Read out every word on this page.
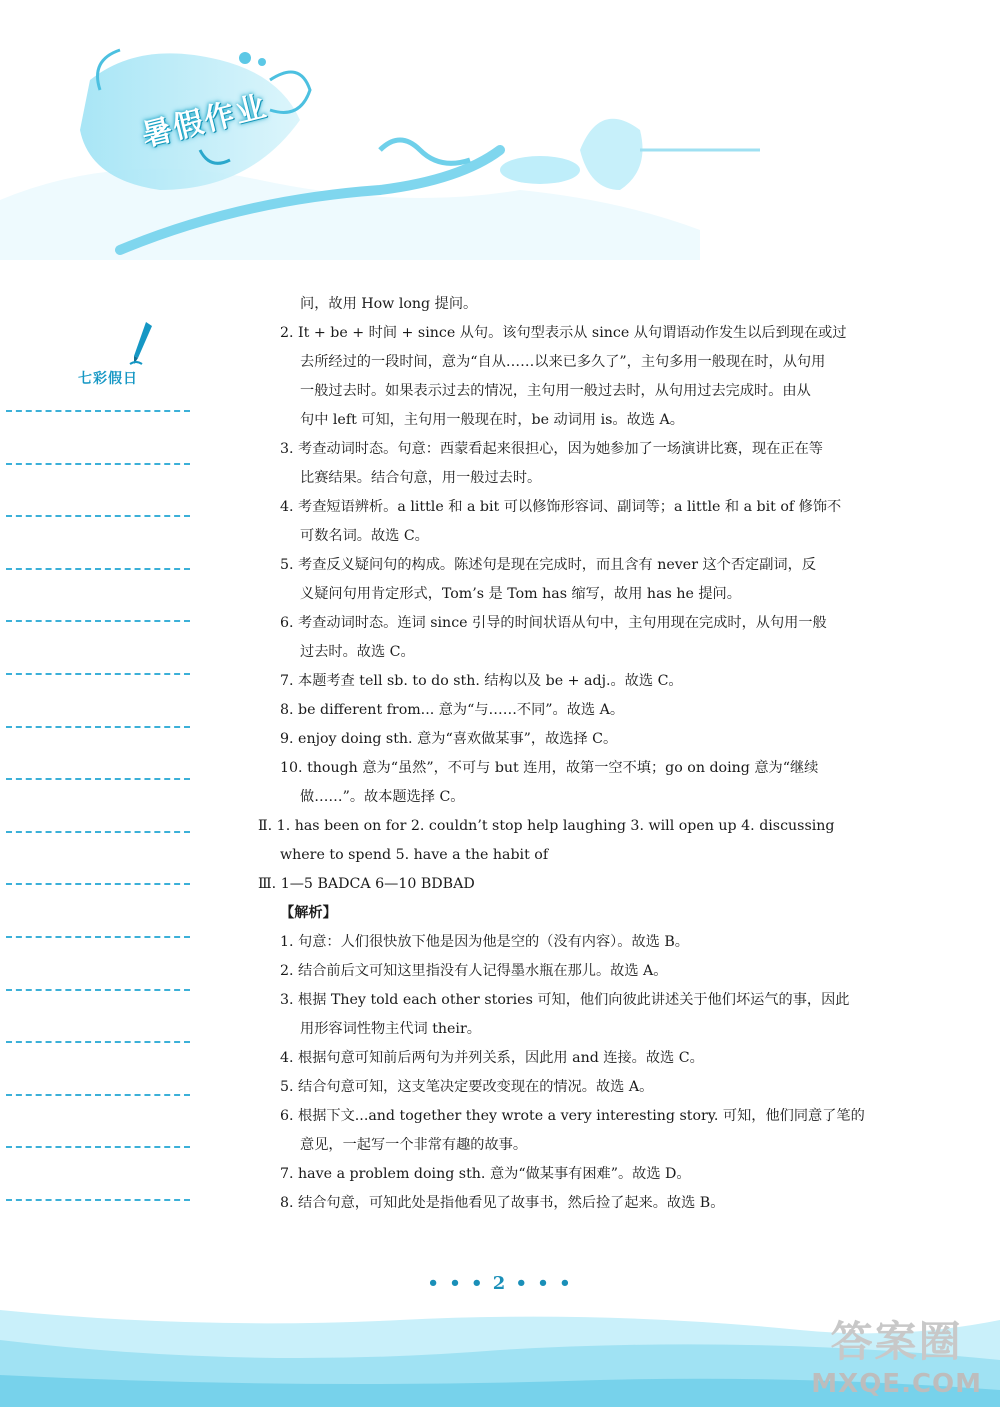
暑假作业
七彩假日
问，故用 How long 提问。
2. It + be + 时间 + since 从句。该句型表示从 since 从句谓语动作发生以后到现在或过
去所经过的一段时间，意为“自从……以来已多久了”，主句多用一般现在时，从句用
一般过去时。如果表示过去的情况，主句用一般过去时，从句用过去完成时。由从
句中 left 可知，主句用一般现在时，be 动词用 is。故选 A。
3. 考查动词时态。句意：西蒙看起来很担心，因为她参加了一场演讲比赛，现在正在等
比赛结果。结合句意，用一般过去时。
4. 考查短语辨析。a little 和 a bit 可以修饰形容词、副词等；a little 和 a bit of 修饰不
可数名词。故选 C。
5. 考查反义疑问句的构成。陈述句是现在完成时，而且含有 never 这个否定副词，反
义疑问句用肯定形式，Tom’s 是 Tom has 缩写，故用 has he 提问。
6. 考查动词时态。连词 since 引导的时间状语从句中，主句用现在完成时，从句用一般
过去时。故选 C。
7. 本题考查 tell sb. to do sth. 结构以及 be + adj.。故选 C。
8. be different from... 意为“与……不同”。故选 A。
9. enjoy doing sth. 意为“喜欢做某事”，故选择 C。
10. though 意为“虽然”，不可与 but 连用，故第一空不填；go on doing 意为“继续
做……”。故本题选择 C。
Ⅱ. 1. has been on for 2. couldn’t stop help laughing 3. will open up 4. discussing
where to spend 5. have a the habit of
Ⅲ. 1—5 BADCA 6—10 BDBAD
【解析】
1. 句意：人们很快放下他是因为他是空的（没有内容）。故选 B。
2. 结合前后文可知这里指没有人记得墨水瓶在那儿。故选 A。
3. 根据 They told each other stories 可知，他们向彼此讲述关于他们坏运气的事，因此
用形容词性物主代词 their。
4. 根据句意可知前后两句为并列关系，因此用 and 连接。故选 C。
5. 结合句意可知，这支笔决定要改变现在的情况。故选 A。
6. 根据下文...and together they wrote a very interesting story. 可知，他们同意了笔的
意见，一起写一个非常有趣的故事。
7. have a problem doing sth. 意为“做某事有困难”。故选 D。
8. 结合句意，可知此处是指他看见了故事书，然后捡了起来。故选 B。
• • • 2 • • •
答案圈
MXQE.COM
